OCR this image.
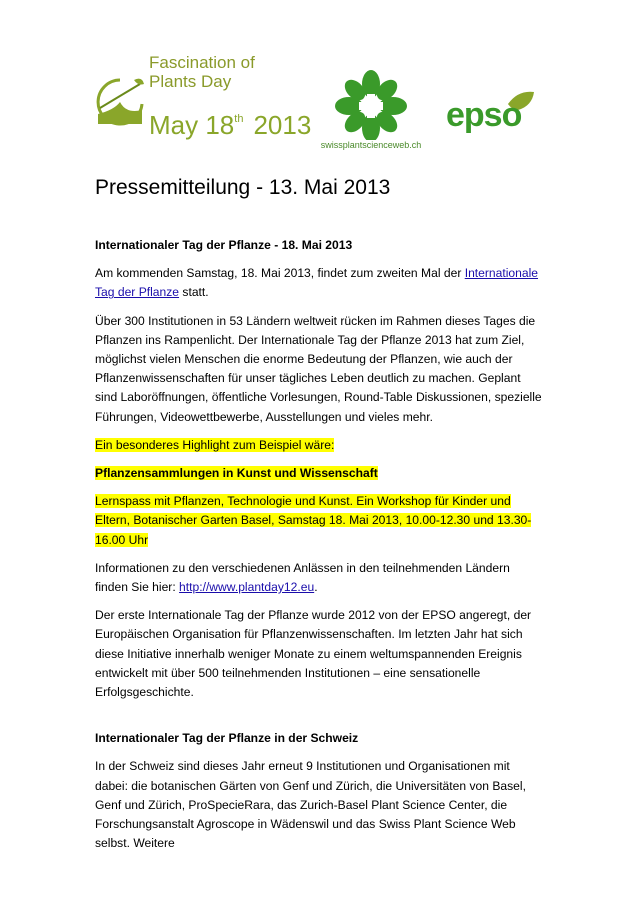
Fascination of
Plants Day
May 18th 2013
swissplantscienceweb.ch
epso
Pressemitteilung - 13. Mai 2013

Internationaler Tag der Pflanze - 18. Mai 2013

Am kommenden Samstag, 18. Mai 2013, findet zum zweiten Mal der Internationale Tag der Pflanze statt.

Über 300 Institutionen in 53 Ländern weltweit rücken im Rahmen dieses Tages die Pflanzen ins Rampenlicht. Der Internationale Tag der Pflanze 2013 hat zum Ziel, möglichst vielen Menschen die enorme Bedeutung der Pflanzen, wie auch der Pflanzenwissenschaften für unser tägliches Leben deutlich zu machen. Geplant sind Laboröffnungen, öffentliche Vorlesungen, Round-Table Diskussionen, spezielle Führungen, Videowettbewerbe, Ausstellungen und vieles mehr.

Ein besonderes Highlight zum Beispiel wäre:

Pflanzensammlungen in Kunst und Wissenschaft

Lernspass mit Pflanzen, Technologie und Kunst. Ein Workshop für Kinder und Eltern, Botanischer Garten Basel, Samstag 18. Mai 2013, 10.00-12.30 und 13.30-16.00 Uhr

Informationen zu den verschiedenen Anlässen in den teilnehmenden Ländern finden Sie hier: http://www.plantday12.eu.

Der erste Internationale Tag der Pflanze wurde 2012 von der EPSO angeregt, der Europäischen Organisation für Pflanzenwissenschaften. Im letzten Jahr hat sich diese Initiative innerhalb weniger Monate zu einem weltumspannenden Ereignis entwickelt mit über 500 teilnehmenden Institutionen – eine sensationelle Erfolgsgeschichte.

Internationaler Tag der Pflanze in der Schweiz

In der Schweiz sind dieses Jahr erneut 9 Institutionen und Organisationen mit dabei: die botanischen Gärten von Genf und Zürich, die Universitäten von Basel, Genf und Zürich, ProSpecieRara, das Zurich-Basel Plant Science Center, die Forschungsanstalt Agroscope in Wädenswil und das Swiss Plant Science Web selbst. Weitere
